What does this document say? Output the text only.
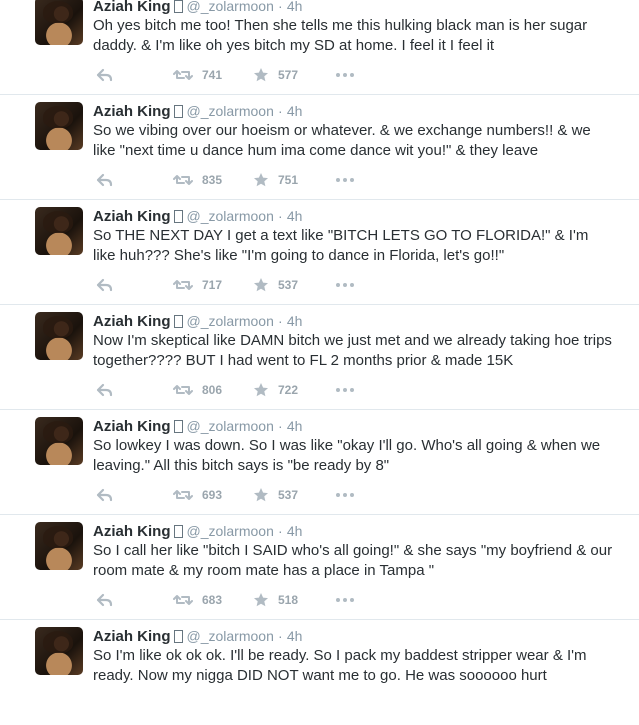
Aziah King @_zolarmoon · 4h
Oh yes bitch me too! Then she tells me this hulking black man is her sugar daddy. & I'm like oh yes bitch my SD at home. I feel it I feel it
741	577
Aziah King @_zolarmoon · 4h
So we vibing over our hoeism or whatever. & we exchange numbers!! & we like "next time u dance hum ima come dance wit you!" & they leave
835	751
Aziah King @_zolarmoon · 4h
So THE NEXT DAY I get a text like "BITCH LETS GO TO FLORIDA!" & I'm like huh??? She's like "I'm going to dance in Florida, let's go!!"
717	537
Aziah King @_zolarmoon · 4h
Now I'm skeptical like DAMN bitch we just met and we already taking hoe trips together???? BUT I had went to FL 2 months prior & made 15K
806	722
Aziah King @_zolarmoon · 4h
So lowkey I was down. So I was like "okay I'll go. Who's all going & when we leaving." All this bitch says is "be ready by 8"
693	537
Aziah King @_zolarmoon · 4h
So I call her like "bitch I SAID who's all going!" & she says "my boyfriend & our room mate & my room mate has a place in Tampa "
683	518
Aziah King @_zolarmoon · 4h
So I'm like ok ok ok. I'll be ready. So I pack my baddest stripper wear & I'm ready. Now my nigga DID NOT want me to go. He was soooooo hurt
